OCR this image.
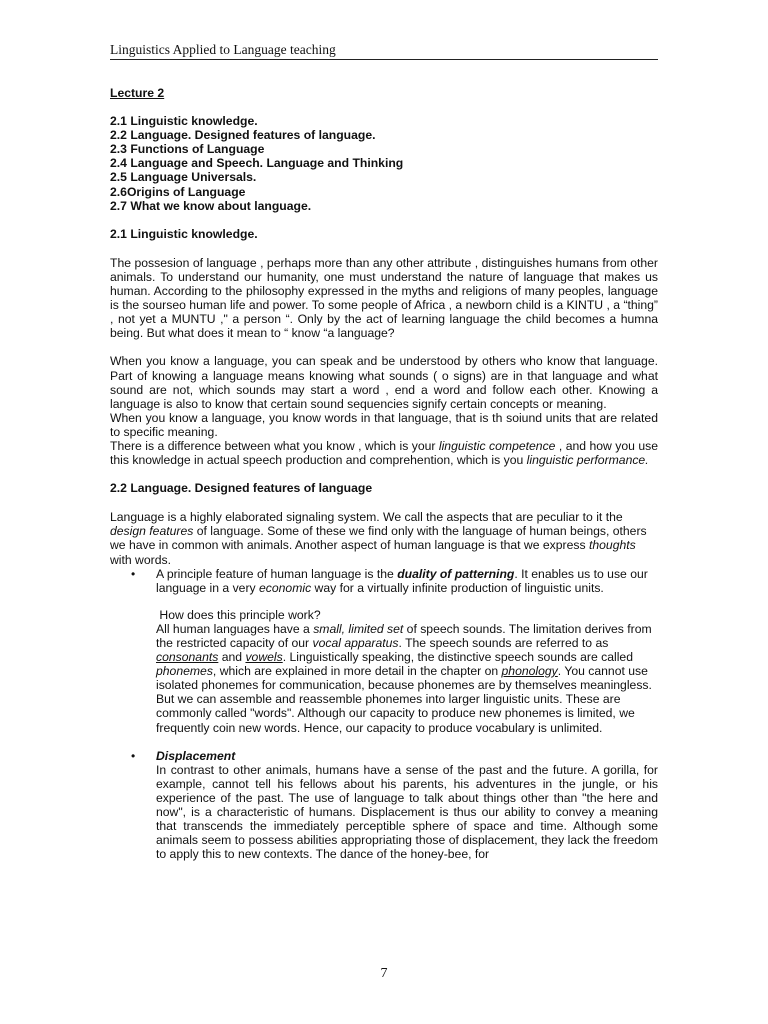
Linguistics Applied to Language teaching
Lecture 2
2.1 Linguistic knowledge.
2.2 Language. Designed features of language.
2.3 Functions of Language
2.4 Language and Speech. Language and Thinking
2.5 Language Universals.
2.6Origins of Language
2.7 What we know about language.
2.1 Linguistic knowledge.

The possesion of language , perhaps more than any other attribute , distinguishes humans from other animals. To understand our humanity, one must understand the nature of language that makes us human. According to the philosophy expressed in the myths and religions of many peoples, language is the sourseo human life and power. To some people of Africa , a newborn child is a KINTU , a “thing” , not yet a MUNTU ," a person “. Only by the act of learning language the child becomes a humna being. But what does it mean to “ know “a language?

When you know a language, you can speak and be understood by others who know that language. Part of knowing a language means knowing what sounds ( o signs) are in that language and what sound are not, which sounds may start a word , end a word and follow each other. Knowing a language is also to know that certain sound sequencies signify certain concepts or meaning.

When you know a language, you know words in that language, that is th soiund units that are related to specific meaning.

There is a difference between what you know , which is your linguistic competence , and how you use this knowledge in actual speech production and comprehention, which is you linguistic performance.

2.2 Language. Designed features of language

Language is a highly elaborated signaling system. We call the aspects that are peculiar to it the design features of language. Some of these we find only with the language of human beings, others we have in common with animals. Another aspect of human language is that we express thoughts with words.

• A principle feature of human language is the duality of patterning. It enables us to use our language in a very economic way for a virtually infinite production of linguistic units.

How does this principle work?

All human languages have a small, limited set of speech sounds. The limitation derives from the restricted capacity of our vocal apparatus. The speech sounds are referred to as consonants and vowels. Linguistically speaking, the distinctive speech sounds are called phonemes, which are explained in more detail in the chapter on phonology. You cannot use isolated phonemes for communication, because phonemes are by themselves meaningless. But we can assemble and reassemble phonemes into larger linguistic units. These are commonly called "words". Although our capacity to produce new phonemes is limited, we frequently coin new words. Hence, our capacity to produce vocabulary is unlimited.

• Displacement

In contrast to other animals, humans have a sense of the past and the future. A gorilla, for example, cannot tell his fellows about his parents, his adventures in the jungle, or his experience of the past. The use of language to talk about things other than "the here and now", is a characteristic of humans. Displacement is thus our ability to convey a meaning that transcends the immediately perceptible sphere of space and time. Although some animals seem to possess abilities appropriating those of displacement, they lack the freedom to apply this to new contexts. The dance of the honey-bee, for

7
